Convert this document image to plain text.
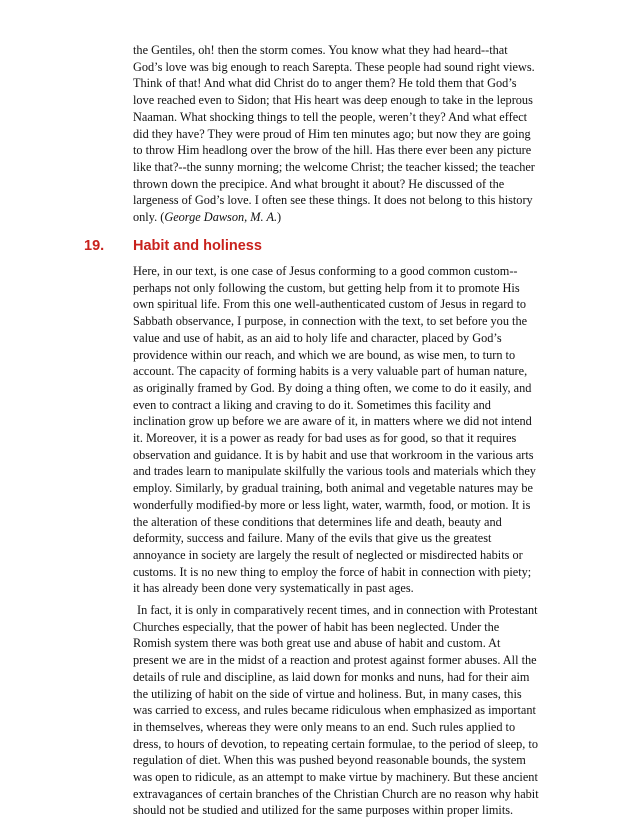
the Gentiles, oh! then the storm comes. You know what they had heard--that
God’s love was big enough to reach Sarepta. These people had sound right views.
Think of that! And what did Christ do to anger them? He told them that God’s
love reached even to Sidon; that His heart was deep enough to take in the leprous
Naaman. What shocking things to tell the people, weren’t they? And what effect
did they have? They were proud of Him ten minutes ago; but now they are going
to throw Him headlong over the brow of the hill. Has there ever been any picture
like that?--the sunny morning; the welcome Christ; the teacher kissed; the teacher
thrown down the precipice. And what brought it about? He discussed of the
largeness of God’s love. I often see these things. It does not belong to this history
only. (George Dawson, M. A.)

19. Habit and holiness

Here, in our text, is one case of Jesus conforming to a good common custom--
perhaps not only following the custom, but getting help from it to promote His
own spiritual life. From this one well-authenticated custom of Jesus in regard to
Sabbath observance, I purpose, in connection with the text, to set before you the
value and use of habit, as an aid to holy life and character, placed by God’s
providence within our reach, and which we are bound, as wise men, to turn to
account. The capacity of forming habits is a very valuable part of human nature,
as originally framed by God. By doing a thing often, we come to do it easily, and
even to contract a liking and craving to do it. Sometimes this facility and
inclination grow up before we are aware of it, in matters where we did not intend
it. Moreover, it is a power as ready for bad uses as for good, so that it requires
observation and guidance. It is by habit and use that workroom in the various arts
and trades learn to manipulate skilfully the various tools and materials which they
employ. Similarly, by gradual training, both animal and vegetable natures may be
wonderfully modified-by more or less light, water, warmth, food, or motion. It is
the alteration of these conditions that determines life and death, beauty and
deformity, success and failure. Many of the evils that give us the greatest
annoyance in society are largely the result of neglected or misdirected habits or
customs. It is no new thing to employ the force of habit in connection with piety;
it has already been done very systematically in past ages.

In fact, it is only in comparatively recent times, and in connection with Protestant
Churches especially, that the power of habit has been neglected. Under the
Romish system there was both great use and abuse of habit and custom. At
present we are in the midst of a reaction and protest against former abuses. All the
details of rule and discipline, as laid down for monks and nuns, had for their aim
the utilizing of habit on the side of virtue and holiness. But, in many cases, this
was carried to excess, and rules became ridiculous when emphasized as important
in themselves, whereas they were only means to an end. Such rules applied to
dress, to hours of devotion, to repeating certain formulae, to the period of sleep, to
regulation of diet. When this was pushed beyond reasonable bounds, the system
was open to ridicule, as an attempt to make virtue by machinery. But these ancient
extravagances of certain branches of the Christian Church are no reason why habit
should not be studied and utilized for the same purposes within proper limits.
